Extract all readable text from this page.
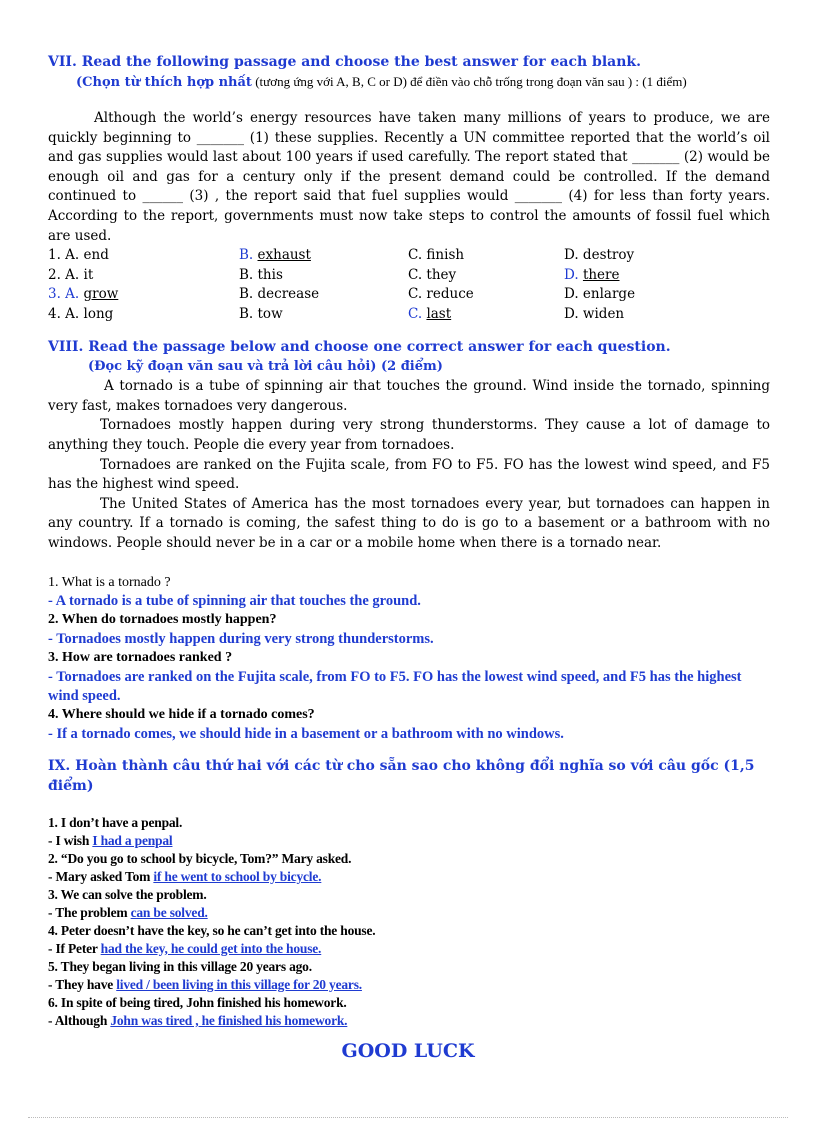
VII. Read the following passage and choose the best answer for each blank.
(Chọn từ thích hợp nhất (tương ứng với A, B, C or D) để điền vào chỗ trống trong đoạn văn sau ) : (1 điểm)

Although the world’s energy resources have taken many millions of years to produce, we are quickly beginning to _______ (1) these supplies. Recently a UN committee reported that the world’s oil and gas supplies would last about 100 years if used carefully. The report stated that _______ (2) would be enough oil and gas for a century only if the present demand could be controlled. If the demand continued to ______ (3) , the report said that fuel supplies would _______ (4) for less than forty years. According to the report, governments must now take steps to control the amounts of fossil fuel which are used.

1. A. end	B. exhaust	C. finish	D. destroy
2. A. it	B. this	C. they	D. there
3. A. grow	B. decrease	C. reduce	D. enlarge
4. A. long	B. tow	C. last	D. widen
VIII. Read the passage below and choose one correct answer for each question.
(Đọc kỹ đoạn văn sau và trả lời câu hỏi) (2 điểm)

A tornado is a tube of spinning air that touches the ground. Wind inside the tornado, spinning very fast, makes tornadoes very dangerous.

Tornadoes mostly happen during very strong thunderstorms. They cause a lot of damage to anything they touch. People die every year from tornadoes.

Tornadoes are ranked on the Fujita scale, from FO to F5. FO has the lowest wind speed, and F5 has the highest wind speed.

The United States of America has the most tornadoes every year, but tornadoes can happen in any country. If a tornado is coming, the safest thing to do is go to a basement or a bathroom with no windows. People should never be in a car or a mobile home when there is a tornado near.

1. What is a tornado ?
- A tornado is a tube of spinning air that touches the ground.
2. When do tornadoes mostly happen?
- Tornadoes mostly happen during very strong thunderstorms.
3. How are tornadoes ranked ?
- Tornadoes are ranked on the Fujita scale, from FO to F5. FO has the lowest wind speed, and F5 has the highest wind speed.
4. Where should we hide if a tornado comes?
- If a tornado comes, we should hide in a basement or a bathroom with no windows.
IX. Hoàn thành câu thứ hai với các từ cho sẵn sao cho không đổi nghĩa so với câu gốc (1,5 điểm)
1. I don’t have a penpal.
- I wish I had a penpal
2. “Do you go to school by bicycle, Tom?” Mary asked.
- Mary asked Tom if he went to school by bicycle.
3. We can solve the problem.
- The problem can be solved.
4. Peter doesn’t have the key, so he can’t get into the house.
- If Peter had the key, he could get into the house.
5. They began living in this village 20 years ago.
- They have lived / been living in this village for 20 years.
6. In spite of being tired, John finished his homework.
- Although John was tired , he finished his homework.
GOOD LUCK
